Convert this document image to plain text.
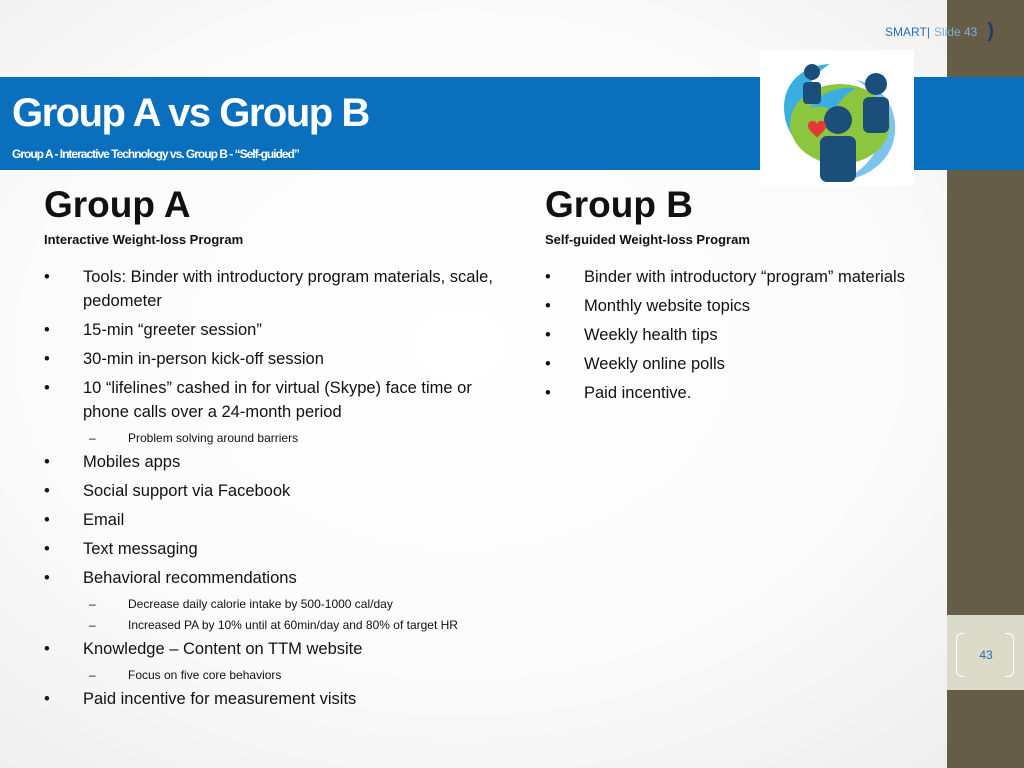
SMART| Slide 43 )
Group A vs Group B

Group A - Interactive Technology vs. Group B - “Self-guided”

Group A
Interactive Weight-loss Program
• Tools: Binder with introductory program materials, scale, pedometer
• 15-min “greeter session”
• 30-min in-person kick-off session
• 10 “lifelines” cashed in for virtual (Skype) face time or phone calls over a 24-month period
–	Problem solving around barriers
• Mobiles apps
• Social support via Facebook
• Email
• Text messaging
• Behavioral recommendations
–	Decrease daily calorie intake by 500-1000 cal/day
–	Increased PA by 10% until at 60min/day and 80% of target HR
• Knowledge – Content on TTM website
–	Focus on five core behaviors
• Paid incentive for measurement visits
Group B
Self-guided Weight-loss Program
• Binder with introductory “program” materials
• Monthly website topics
• Weekly health tips
• Weekly online polls
• Paid incentive.
43
